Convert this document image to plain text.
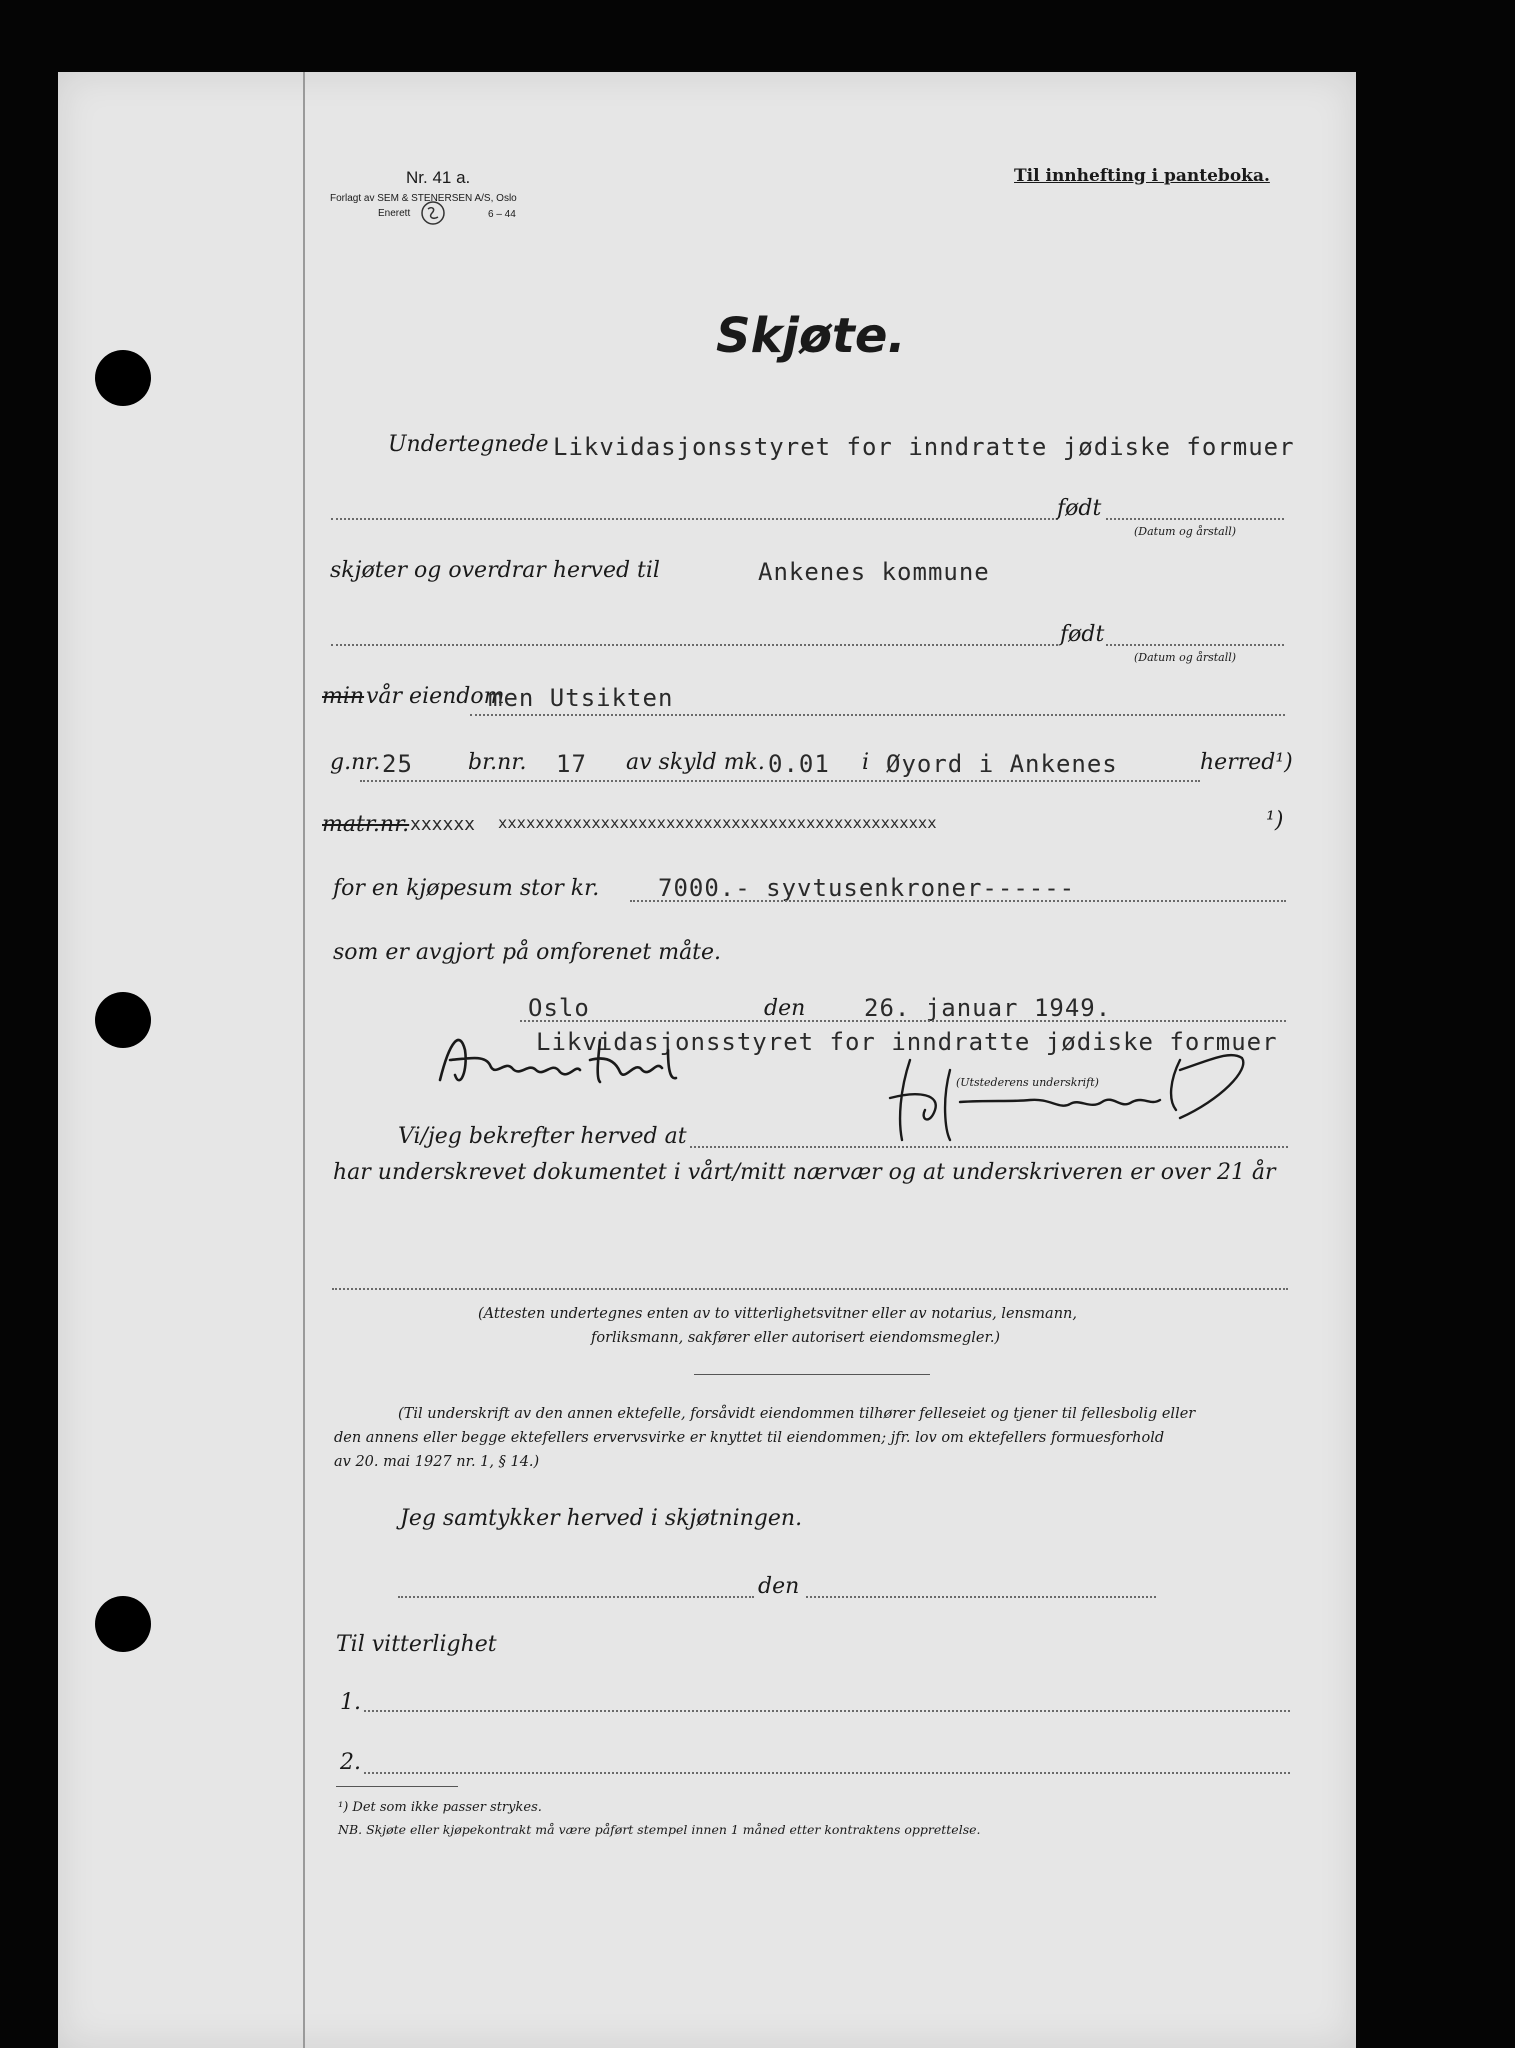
Nr. 41 a.
Forlagt av SEM & STENERSEN A/S, Oslo
Enerett	6 – 44
Til innhefting i panteboka.
Skjøte.
Undertegnede Likvidasjonsstyret for inndratte jødiske formuer
født
(Datum og årstall)
skjøter og overdrar herved til	Ankenes kommune
født
(Datum og årstall)
min vår eiendom
men Utsikten
g.nr. 25	br.nr. 17 av skyld mk. 0.01 i Øyord i Ankenes	herred¹)
matr.nr. xxxxxx xxxxxxxxxxxxxxxxxxxxxxxxxxxxxxxxxxxxxxxxxxxxxxx	¹)
for en kjøpesum stor kr. 7000.- syvtusenkroner------
som er avgjort på omforenet måte.
Oslo	den 26. januar 1949.
Likvidasjonsstyret for inndratte jødiske formuer
(Utstederens underskrift)
Vi/jeg bekrefter herved at
har underskrevet dokumentet i vårt/mitt nærvær og at underskriveren er over 21 år
(Attesten undertegnes enten av to vitterlighetsvitner eller av notarius, lensmann,
forliksmann, sakfører eller autorisert eiendomsmegler.)
(Til underskrift av den annen ektefelle, forsåvidt eiendommen tilhører felleseiet og tjener til fellesbolig eller
den annens eller begge ektefellers ervervsvirke er knyttet til eiendommen; jfr. lov om ektefellers formuesforhold
av 20. mai 1927 nr. 1, § 14.)
Jeg samtykker herved i skjøtningen.
den
Til vitterlighet
1.
2.
¹) Det som ikke passer strykes.
NB. Skjøte eller kjøpekontrakt må være påført stempel innen 1 måned etter kontraktens opprettelse.
